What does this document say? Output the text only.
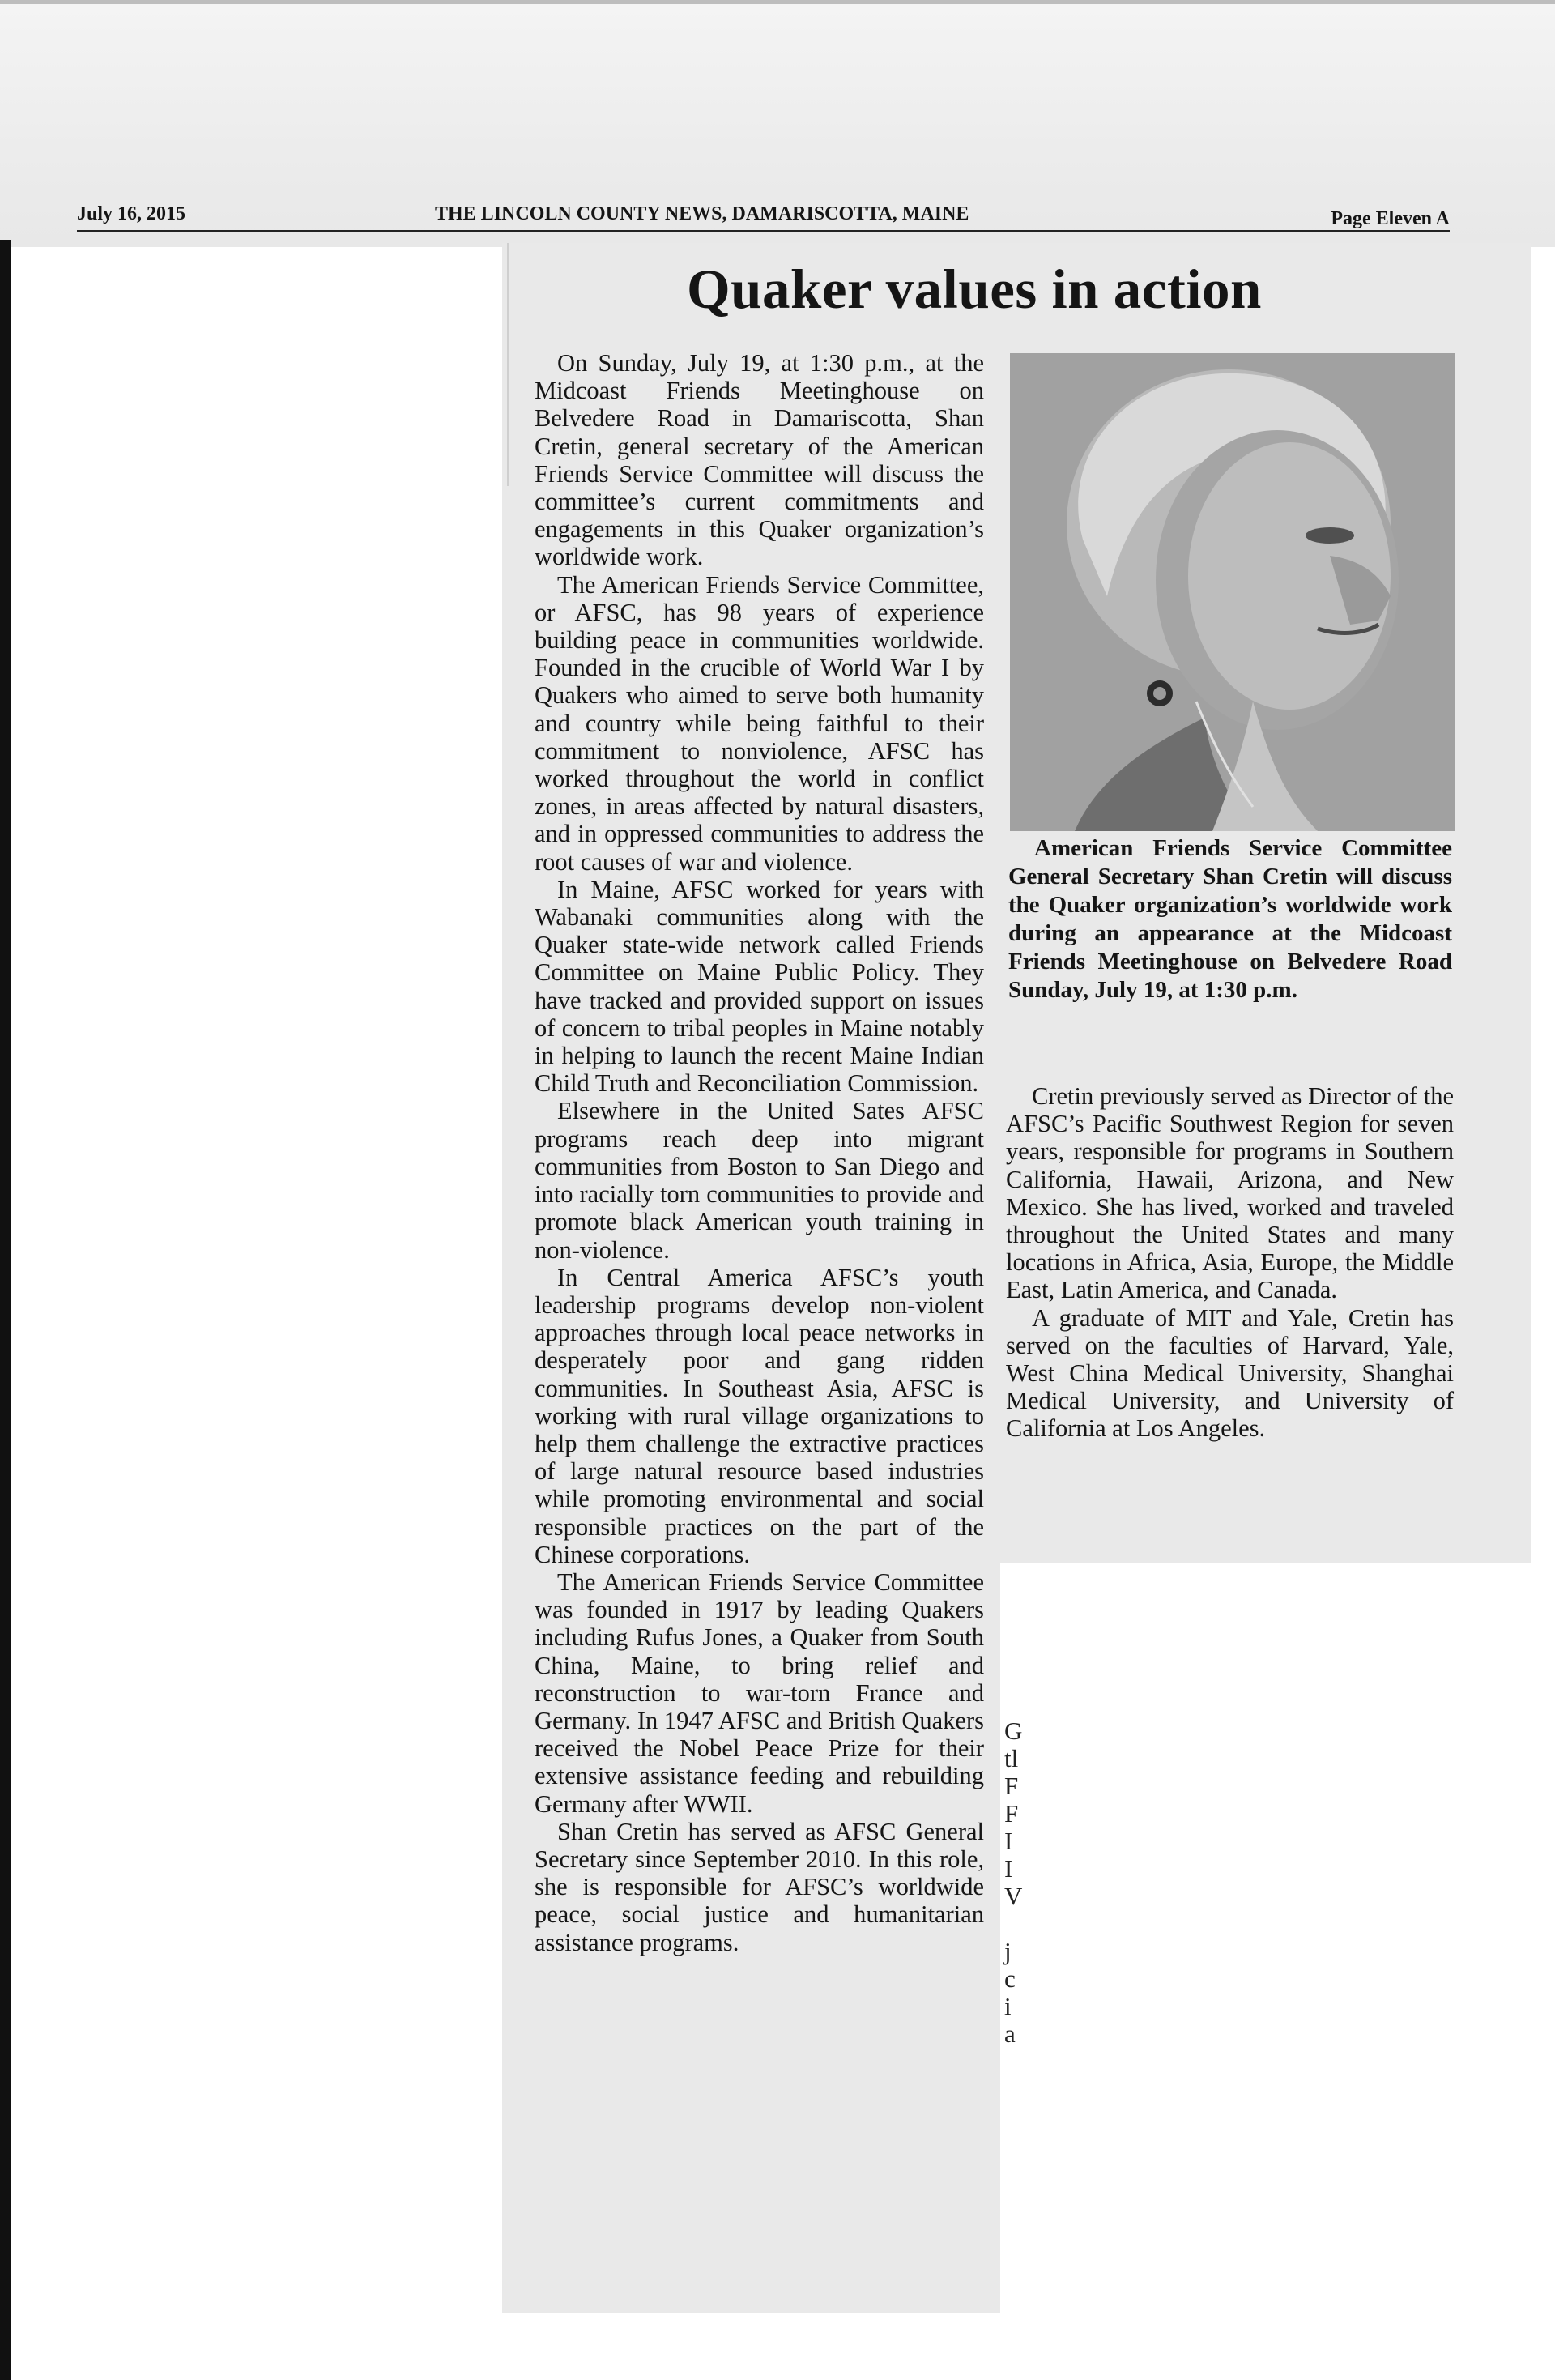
July 16, 2015	THE LINCOLN COUNTY NEWS, DAMARISCOTTA, MAINE	Page Eleven A
Quaker values in action

On Sunday, July 19, at 1:30 p.m., at the Midcoast Friends Meetinghouse on Belvedere Road in Damariscotta, Shan Cretin, general secretary of the American Friends Service Committee will discuss the committee’s current commitments and engagements in this Quaker organization’s worldwide work.

The American Friends Service Committee, or AFSC, has 98 years of experience building peace in communities worldwide. Founded in the crucible of World War I by Quakers who aimed to serve both humanity and country while being faithful to their commitment to nonviolence, AFSC has worked throughout the world in conflict zones, in areas affected by natural disasters, and in oppressed communities to address the root causes of war and violence.

In Maine, AFSC worked for years with Wabanaki communities along with the Quaker state-wide network called Friends Committee on Maine Public Policy. They have tracked and provided support on issues of concern to tribal peoples in Maine notably in helping to launch the recent Maine Indian Child Truth and Reconciliation Commission.

Elsewhere in the United Sates AFSC programs reach deep into migrant communities from Boston to San Diego and into racially torn communities to provide and promote black American youth training in non-violence.

In Central America AFSC’s youth leadership programs develop non-violent approaches through local peace networks in desperately poor and gang ridden communities. In Southeast Asia, AFSC is working with rural village organizations to help them challenge the extractive practices of large natural resource based industries while promoting environmental and social responsible practices on the part of the Chinese corporations.

The American Friends Service Committee was founded in 1917 by leading Quakers including Rufus Jones, a Quaker from South China, Maine, to bring relief and reconstruction to war-torn France and Germany. In 1947 AFSC and British Quakers received the Nobel Peace Prize for their extensive assistance feeding and rebuilding Germany after WWII.

Shan Cretin has served as AFSC General Secretary since September 2010. In this role, she is responsible for AFSC’s worldwide peace, social justice and humanitarian assistance programs.

American Friends Service Committee General Secretary Shan Cretin will discuss the Quaker organization’s worldwide work during an appearance at the Midcoast Friends Meetinghouse on Belvedere Road Sunday, July 19, at 1:30 p.m.

Cretin previously served as Director of the AFSC’s Pacific Southwest Region for seven years, responsible for programs in Southern California, Hawaii, Arizona, and New Mexico. She has lived, worked and traveled throughout the United States and many locations in Africa, Asia, Europe, the Middle East, Latin America, and Canada.

A graduate of MIT and Yale, Cretin has served on the faculties of Harvard, Yale, West China Medical University, Shanghai Medical University, and University of California at Los Angeles.

G
tl
F
F
I
I
V
j
c
i
a
